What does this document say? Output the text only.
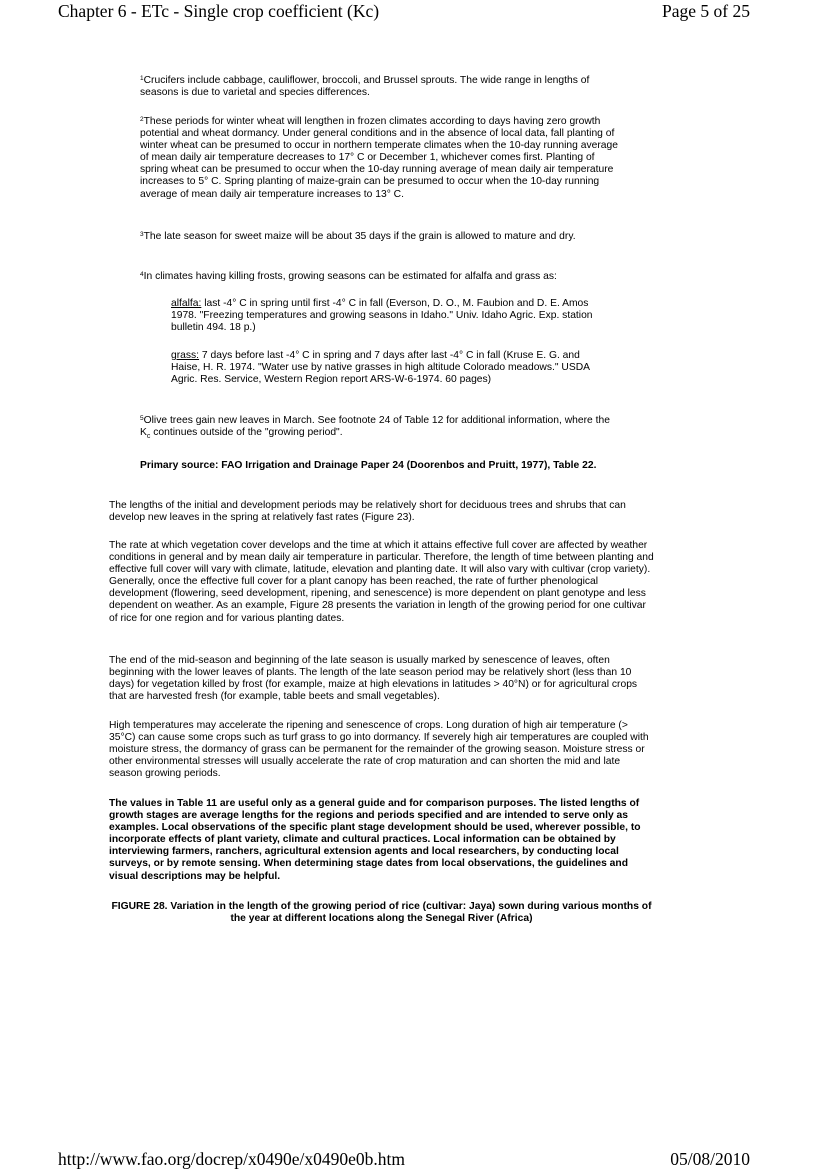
Chapter 6 - ETc - Single crop coefficient (Kc)	Page 5 of 25

$^1$Crucifers include cabbage, cauliflower, broccoli, and Brussel sprouts. The wide range in lengths of seasons is due to varietal and species differences.

$^2$These periods for winter wheat will lengthen in frozen climates according to days having zero growth potential and wheat dormancy. Under general conditions and in the absence of local data, fall planting of winter wheat can be presumed to occur in northern temperate climates when the 10-day running average of mean daily air temperature decreases to 17° C or December 1, whichever comes first. Planting of spring wheat can be presumed to occur when the 10-day running average of mean daily air temperature increases to 5° C. Spring planting of maize-grain can be presumed to occur when the 10-day running average of mean daily air temperature increases to 13° C.

$^3$The late season for sweet maize will be about 35 days if the grain is allowed to mature and dry.

$^4$In climates having killing frosts, growing seasons can be estimated for alfalfa and grass as:

alfalfa: last -4° C in spring until first -4° C in fall (Everson, D. O., M. Faubion and D. E. Amos 1978. "Freezing temperatures and growing seasons in Idaho." Univ. Idaho Agric. Exp. station bulletin 494. 18 p.)

grass: 7 days before last -4° C in spring and 7 days after last -4° C in fall (Kruse E. G. and Haise, H. R. 1974. "Water use by native grasses in high altitude Colorado meadows." USDA Agric. Res. Service, Western Region report ARS-W-6-1974. 60 pages)

$^5$Olive trees gain new leaves in March. See footnote 24 of Table 12 for additional information, where the $K_c$ continues outside of the "growing period".

Primary source: FAO Irrigation and Drainage Paper 24 (Doorenbos and Pruitt, 1977), Table 22.

The lengths of the initial and development periods may be relatively short for deciduous trees and shrubs that can develop new leaves in the spring at relatively fast rates (Figure 23).

The rate at which vegetation cover develops and the time at which it attains effective full cover are affected by weather conditions in general and by mean daily air temperature in particular. Therefore, the length of time between planting and effective full cover will vary with climate, latitude, elevation and planting date. It will also vary with cultivar (crop variety). Generally, once the effective full cover for a plant canopy has been reached, the rate of further phenological development (flowering, seed development, ripening, and senescence) is more dependent on plant genotype and less dependent on weather. As an example, Figure 28 presents the variation in length of the growing period for one cultivar of rice for one region and for various planting dates.

The end of the mid-season and beginning of the late season is usually marked by senescence of leaves, often beginning with the lower leaves of plants. The length of the late season period may be relatively short (less than 10 days) for vegetation killed by frost (for example, maize at high elevations in latitudes > 40°N) or for agricultural crops that are harvested fresh (for example, table beets and small vegetables).

High temperatures may accelerate the ripening and senescence of crops. Long duration of high air temperature (> 35°C) can cause some crops such as turf grass to go into dormancy. If severely high air temperatures are coupled with moisture stress, the dormancy of grass can be permanent for the remainder of the growing season. Moisture stress or other environmental stresses will usually accelerate the rate of crop maturation and can shorten the mid and late season growing periods.

The values in Table 11 are useful only as a general guide and for comparison purposes. The listed lengths of growth stages are average lengths for the regions and periods specified and are intended to serve only as examples. Local observations of the specific plant stage development should be used, wherever possible, to incorporate effects of plant variety, climate and cultural practices. Local information can be obtained by interviewing farmers, ranchers, agricultural extension agents and local researchers, by conducting local surveys, or by remote sensing. When determining stage dates from local observations, the guidelines and visual descriptions may be helpful.

FIGURE 28. Variation in the length of the growing period of rice (cultivar: Jaya) sown during various months of the year at different locations along the Senegal River (Africa)

http://www.fao.org/docrep/x0490e/x0490e0b.htm	05/08/2010
